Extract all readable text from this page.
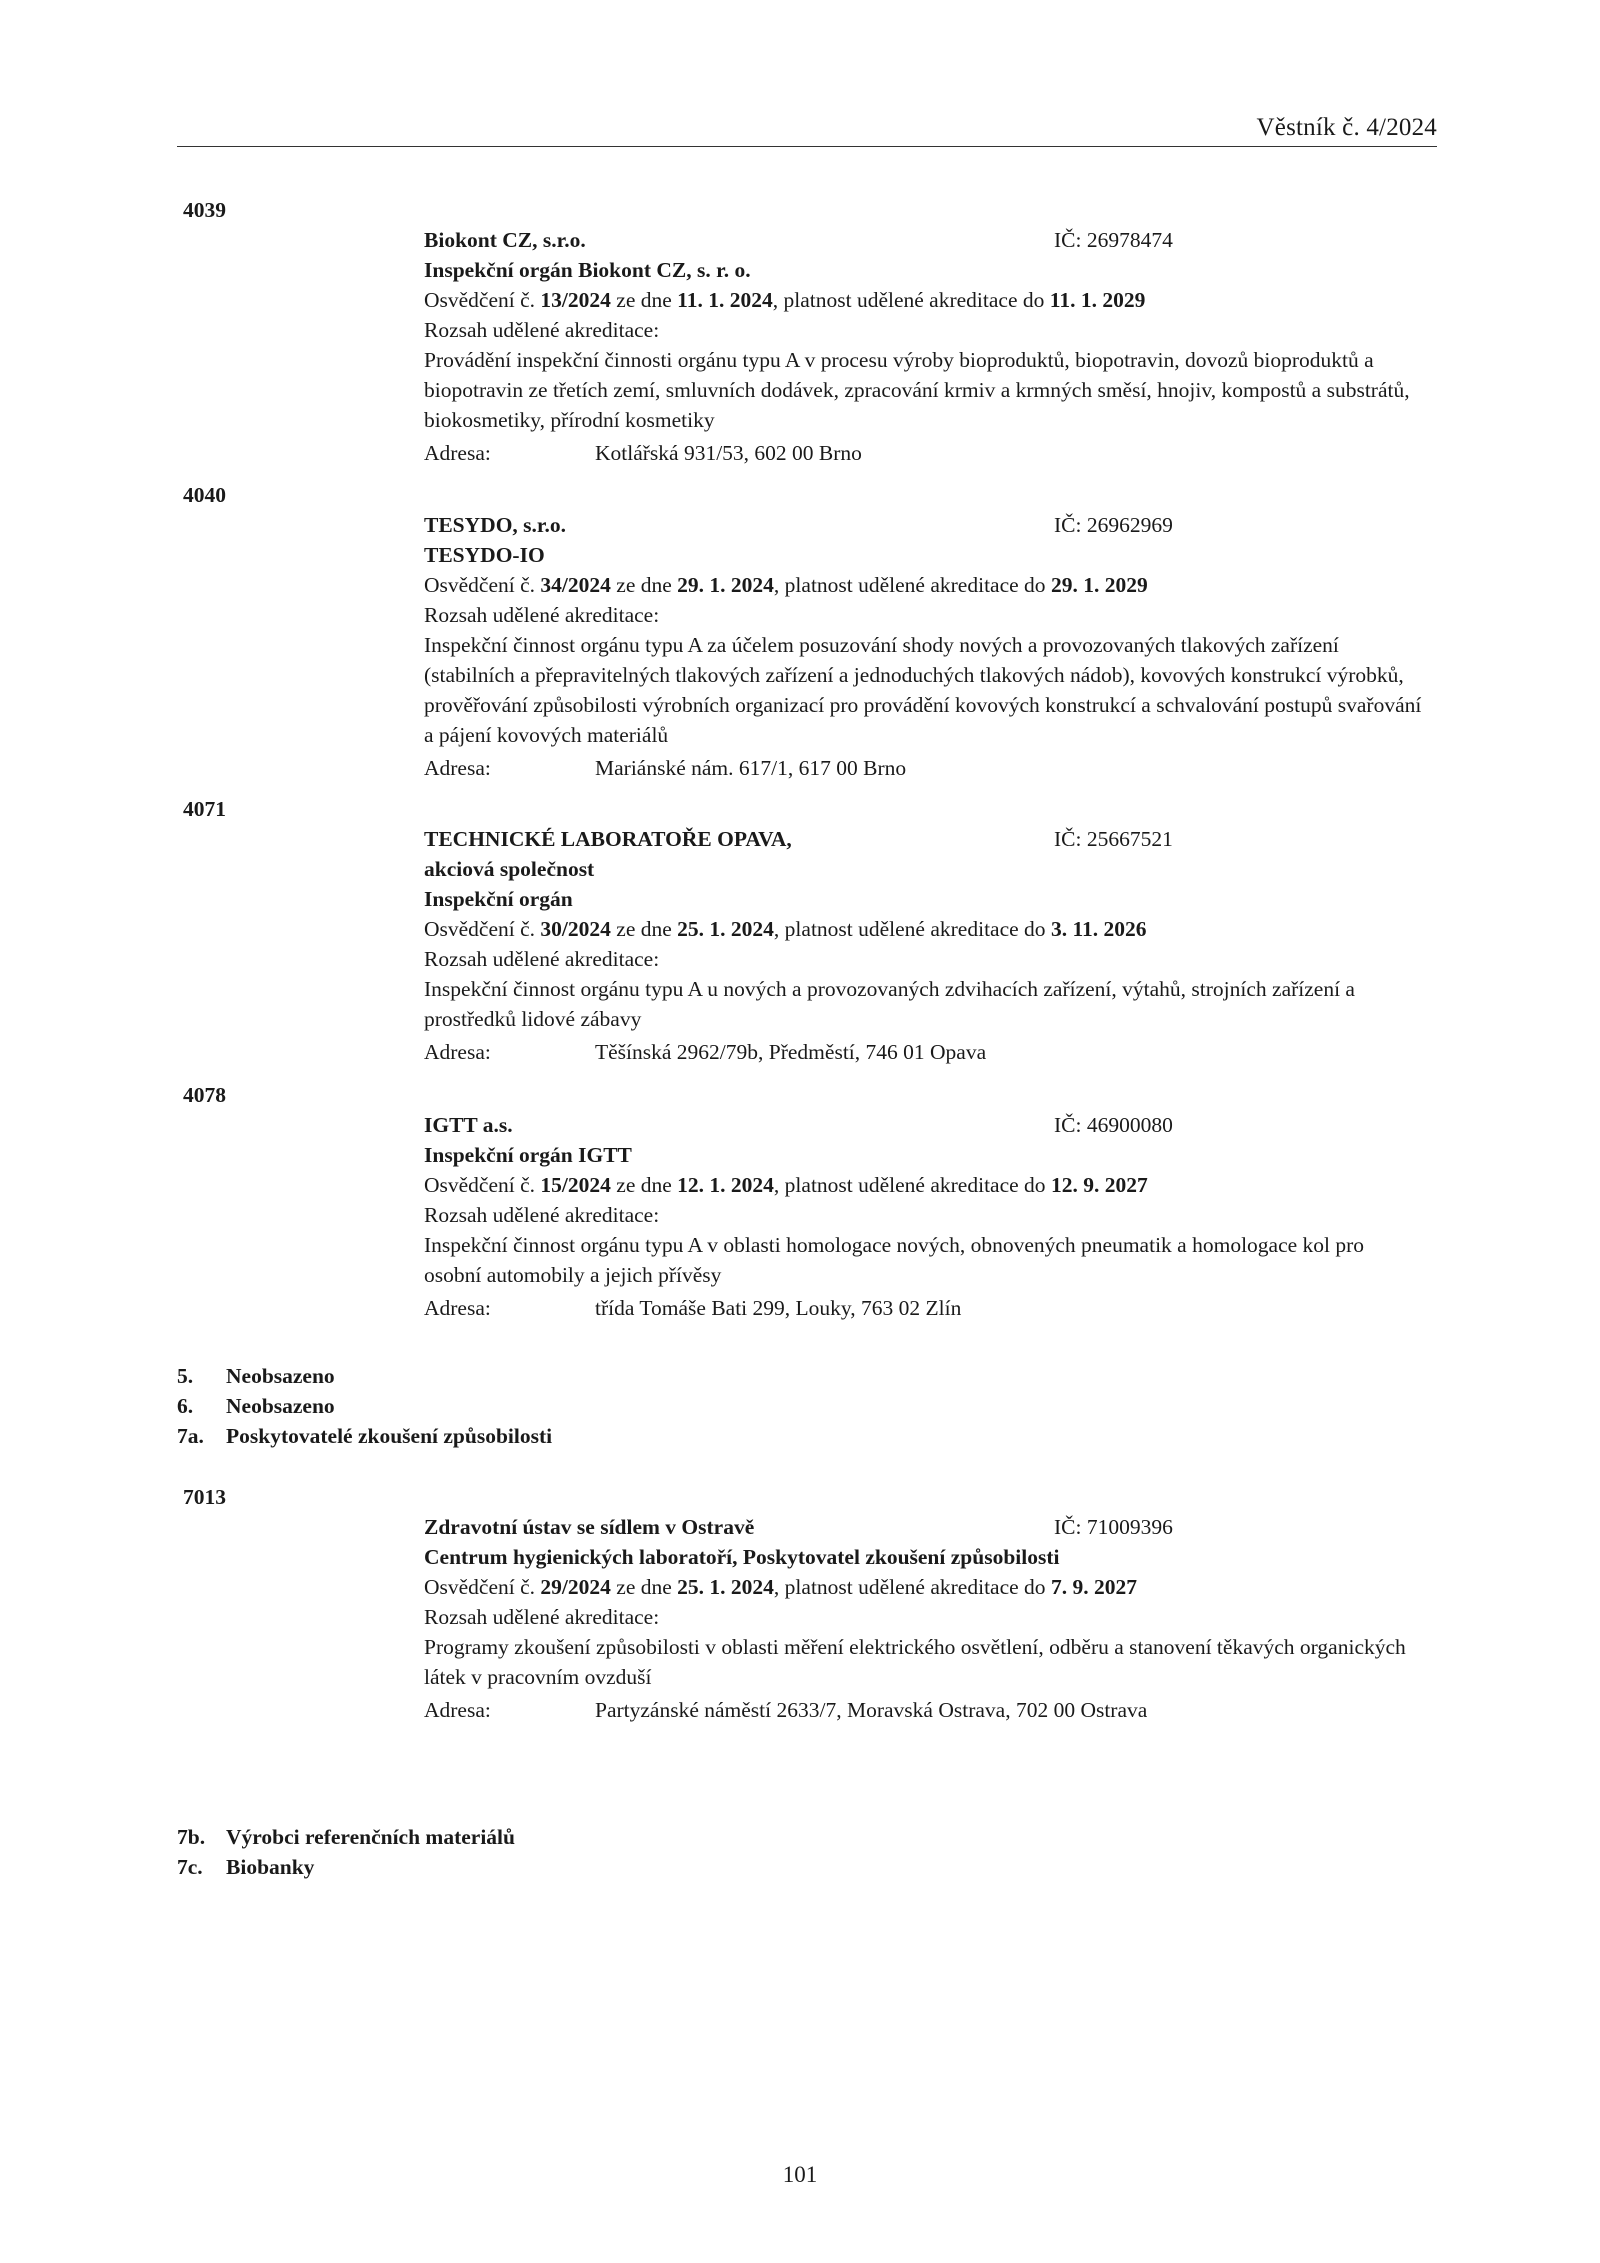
Věstník č. 4/2024
4039
Biokont CZ, s.r.o.	IČ: 26978474
Inspekční orgán Biokont CZ, s. r. o.
Osvědčení č. 13/2024 ze dne 11. 1. 2024, platnost udělené akreditace do 11. 1. 2029
Rozsah udělené akreditace:
Provádění inspekční činnosti orgánu typu A v procesu výroby bioproduktů, biopotravin, dovozů bioproduktů a biopotravin ze třetích zemí, smluvních dodávek, zpracování krmiv a krmných směsí, hnojiv, kompostů a substrátů, biokosmetiky, přírodní kosmetiky
Adresa:	Kotlářská 931/53, 602 00 Brno
4040
TESYDO, s.r.o.	IČ: 26962969
TESYDO-IO
Osvědčení č. 34/2024 ze dne 29. 1. 2024, platnost udělené akreditace do 29. 1. 2029
Rozsah udělené akreditace:
Inspekční činnost orgánu typu A za účelem posuzování shody nových a provozovaných tlakových zařízení (stabilních a přepravitelných tlakových zařízení a jednoduchých tlakových nádob), kovových konstrukcí výrobků, prověřování způsobilosti výrobních organizací pro provádění kovových konstrukcí a schvalování postupů svařování a pájení kovových materiálů
Adresa:	Mariánské nám. 617/1, 617 00 Brno
4071
TECHNICKÉ LABORATOŘE OPAVA,	IČ: 25667521
akciová společnost
Inspekční orgán
Osvědčení č. 30/2024 ze dne 25. 1. 2024, platnost udělené akreditace do 3. 11. 2026
Rozsah udělené akreditace:
Inspekční činnost orgánu typu A u nových a provozovaných zdvihacích zařízení, výtahů, strojních zařízení a prostředků lidové zábavy
Adresa:	Těšínská 2962/79b, Předměstí, 746 01 Opava
4078
IGTT a.s.	IČ: 46900080
Inspekční orgán IGTT
Osvědčení č. 15/2024 ze dne 12. 1. 2024, platnost udělené akreditace do 12. 9. 2027
Rozsah udělené akreditace:
Inspekční činnost orgánu typu A v oblasti homologace nových, obnovených pneumatik a homologace kol pro osobní automobily a jejich přívěsy
Adresa:	třída Tomáše Bati 299, Louky, 763 02 Zlín
5. Neobsazeno
6. Neobsazeno
7a. Poskytovatelé zkoušení způsobilosti
7013
Zdravotní ústav se sídlem v Ostravě	IČ: 71009396
Centrum hygienických laboratoří, Poskytovatel zkoušení způsobilosti
Osvědčení č. 29/2024 ze dne 25. 1. 2024, platnost udělené akreditace do 7. 9. 2027
Rozsah udělené akreditace:
Programy zkoušení způsobilosti v oblasti měření elektrického osvětlení, odběru a stanovení těkavých organických látek v pracovním ovzduší
Adresa:	Partyzánské náměstí 2633/7, Moravská Ostrava, 702 00 Ostrava
7b. Výrobci referenčních materiálů
7c. Biobanky
101
